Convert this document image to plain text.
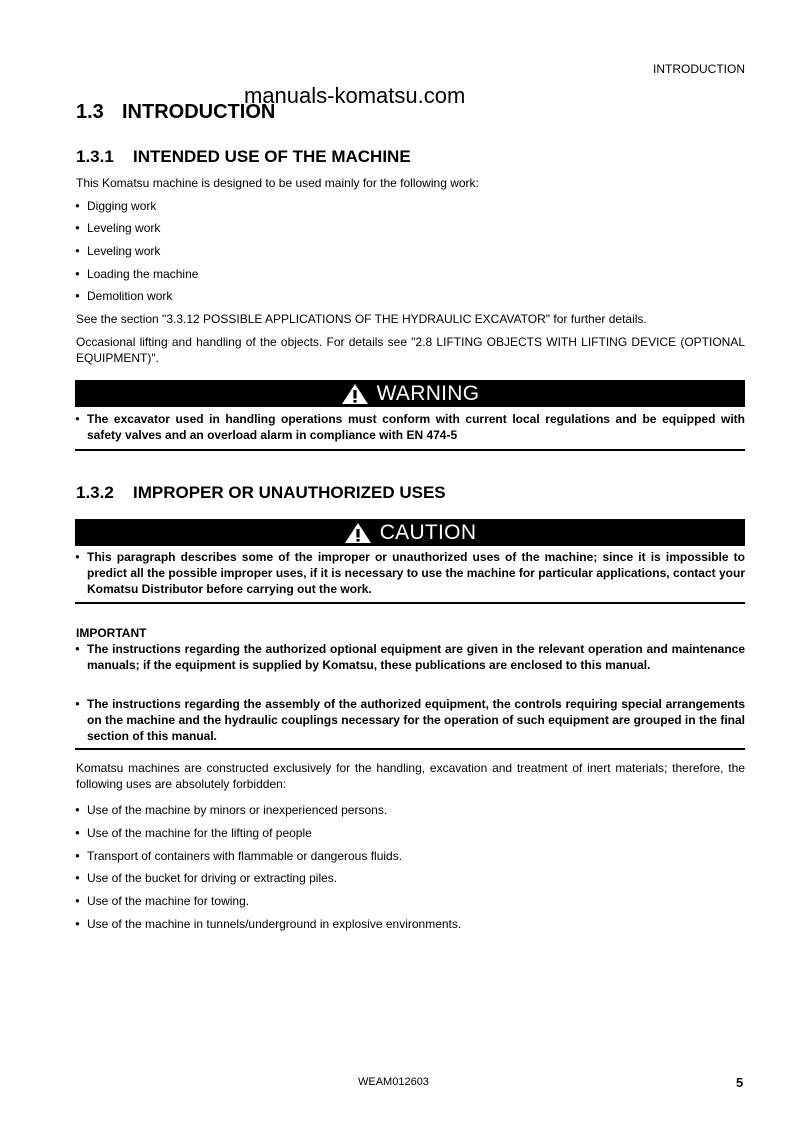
INTRODUCTION
manuals-komatsu.com
1.3 INTRODUCTION
1.3.1 INTENDED USE OF THE MACHINE
This Komatsu machine is designed to be used mainly for the following work:
● Digging work
● Leveling work
● Leveling work
● Loading the machine
● Demolition work
See the section "3.3.12 POSSIBLE APPLICATIONS OF THE HYDRAULIC EXCAVATOR" for further details.
Occasional lifting and handling of the objects. For details see "2.8 LIFTING OBJECTS WITH LIFTING DEVICE (OPTIONAL EQUIPMENT)".
WARNING
● The excavator used in handling operations must conform with current local regulations and be equipped with safety valves and an overload alarm in compliance with EN 474-5
1.3.2 IMPROPER OR UNAUTHORIZED USES
CAUTION
● This paragraph describes some of the improper or unauthorized uses of the machine; since it is impossible to predict all the possible improper uses, if it is necessary to use the machine for particular applications, contact your Komatsu Distributor before carrying out the work.
IMPORTANT
● The instructions regarding the authorized optional equipment are given in the relevant operation and maintenance manuals; if the equipment is supplied by Komatsu, these publications are enclosed to this manual.
● The instructions regarding the assembly of the authorized equipment, the controls requiring special arrangements on the machine and the hydraulic couplings necessary for the operation of such equipment are grouped in the final section of this manual.
Komatsu machines are constructed exclusively for the handling, excavation and treatment of inert materials; therefore, the following uses are absolutely forbidden:
● Use of the machine by minors or inexperienced persons.
● Use of the machine for the lifting of people
● Transport of containers with flammable or dangerous fluids.
● Use of the bucket for driving or extracting piles.
● Use of the machine for towing.
● Use of the machine in tunnels/underground in explosive environments.
WEAM012603	5
